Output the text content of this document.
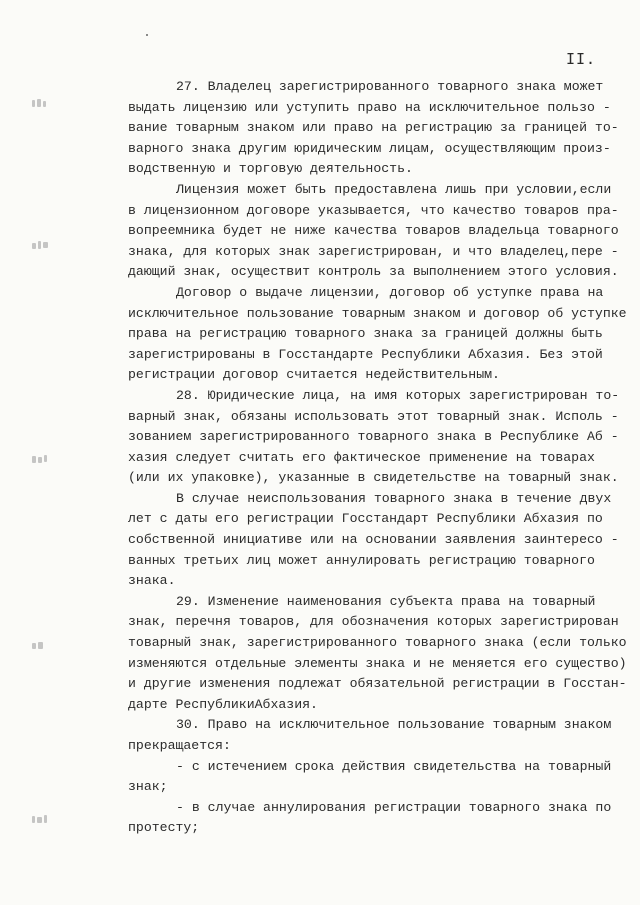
II.

27. Владелец зарегистрированного товарного знака может
выдать лицензию или уступить право на исключительное пользо -
вание товарным знаком или право на регистрацию за границей то-
варного знака другим юридическим лицам, осуществляющим произ-
водственную и торговую деятельность.

Лицензия может быть предоставлена лишь при условии,если
в лицензионном договоре указывается, что качество товаров пра-
вопреемника будет не ниже качества товаров владельца товарного
знака, для которых знак зарегистрирован, и что владелец,пере -
дающий знак, осуществит контроль за выполнением этого условия.

Договор о выдаче лицензии, договор об уступке права на
исключительное пользование товарным знаком и договор об уступке
права на регистрацию товарного знака за границей должны быть
зарегистрированы в Госстандарте Республики Абхазия. Без этой
регистрации договор считается недействительным.

28. Юридические лица, на имя которых зарегистрирован то-
варный знак, обязаны использовать этот товарный знак. Исполь -
зованием зарегистрированного товарного знака в Республике Аб -
хазия следует считать его фактическое применение на товарах
(или их упаковке), указанные в свидетельстве на товарный знак.

В случае неиспользования товарного знака в течение двух
лет с даты его регистрации Госстандарт Республики Абхазия по
собственной инициативе или на основании заявления заинтересо -
ванных третьих лиц может аннулировать регистрацию товарного
знака.

29. Изменение наименования субъекта права на товарный
знак, перечня товаров, для обозначения которых зарегистрирован
товарный знак, зарегистрированного товарного знака (если только
изменяются отдельные элементы знака и не меняется его существо)
и другие изменения подлежат обязательной регистрации в Госстан-
дарте РеспубликиАбхазия.

30. Право на исключительное пользование товарным знаком
прекращается:

- с истечением срока действия свидетельства на товарный
знак;

- в случае аннулирования регистрации товарного знака по
протесту;
